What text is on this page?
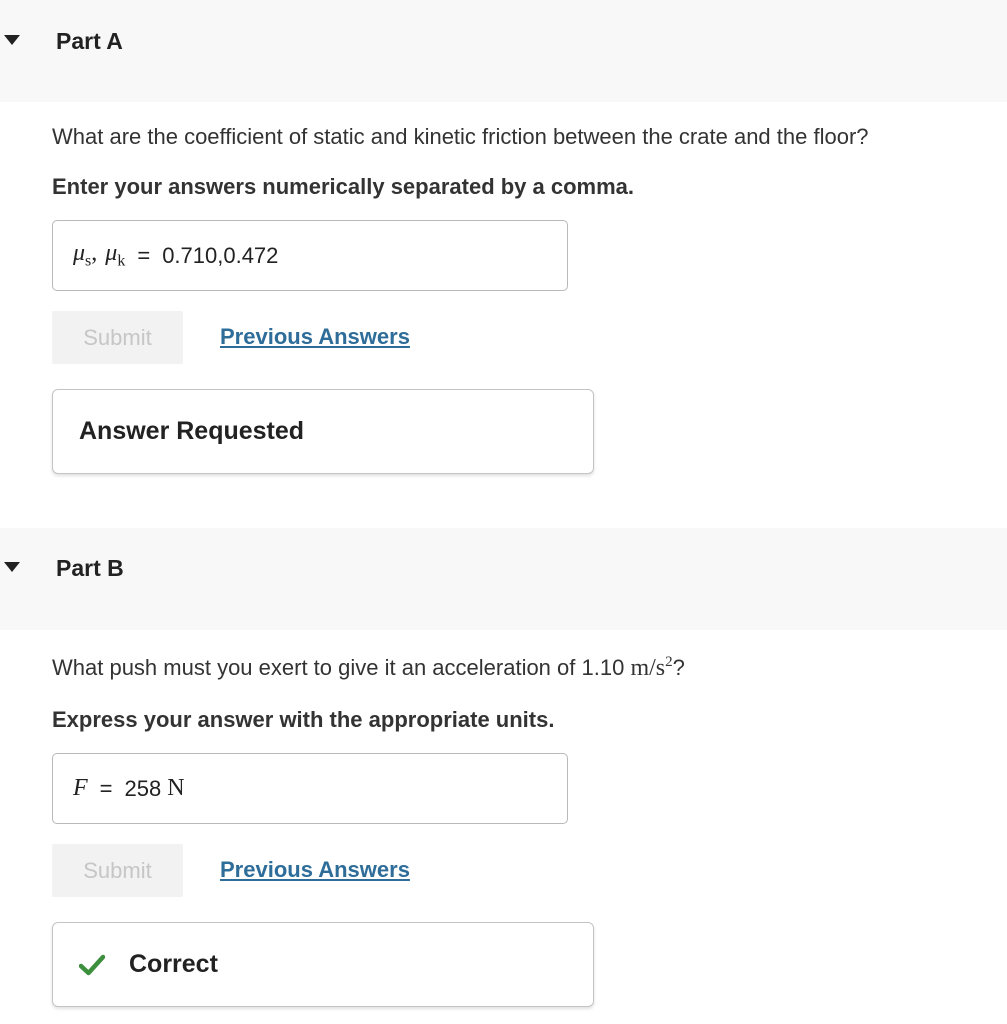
Part A
What are the coefficient of static and kinetic friction between the crate and the floor?
Enter your answers numerically separated by a comma.
$\mu_s$, $\mu_k = 0.710,0.472$
Submit	Previous Answers
Answer Requested
Part B
What push must you exert to give it an acceleration of 1.10 $m/s^2$?
Express your answer with the appropriate units.
F = 258 N
Submit	Previous Answers
Correct
